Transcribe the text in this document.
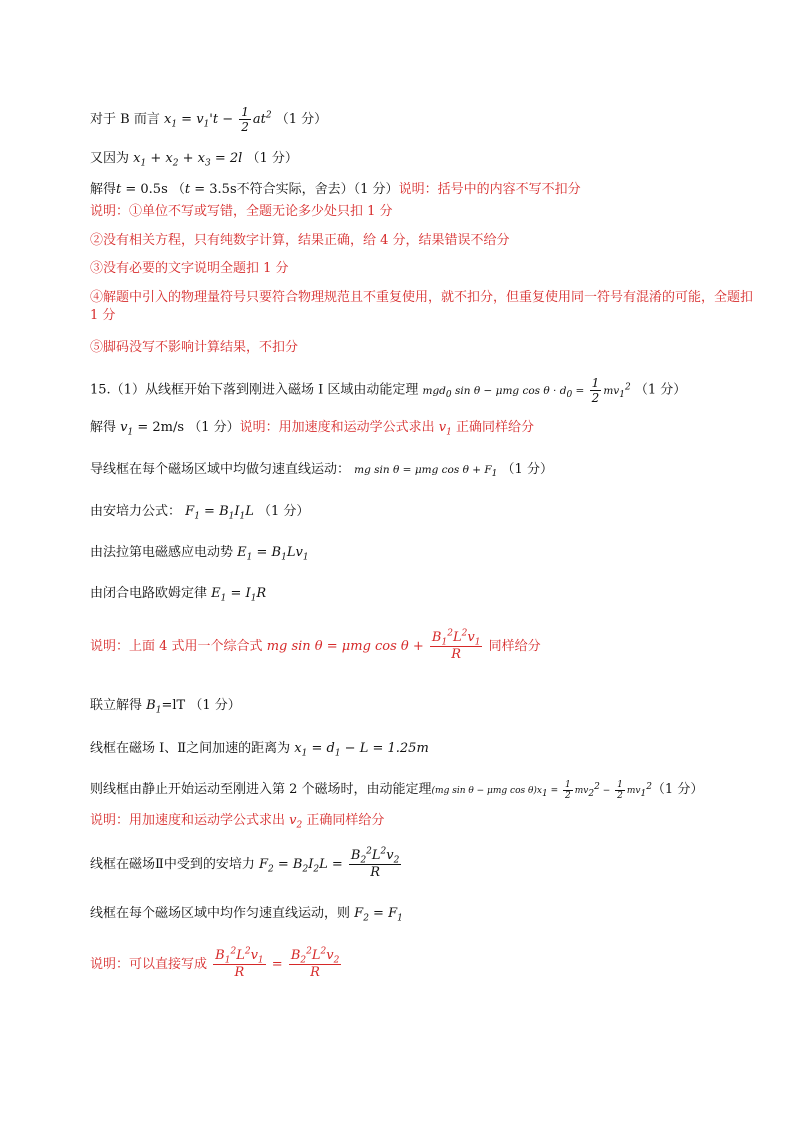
对于 B 而言 $x_1 = v_1't - \frac{1}{2} at^2$ （1 分）
又因为 $x_1 + x_2 + x_3 = 2l$ （1 分）
解得t = 0.5s （t = 3.5s不符合实际，舍去）（1 分）说明：括号中的内容不写不扣分
说明：①单位不写或写错，全题无论多少处只扣 1 分
②没有相关方程，只有纯数字计算，结果正确，给 4 分，结果错误不给分
③没有必要的文字说明全题扣 1 分
④解题中引入的物理量符号只要符合物理规范且不重复使用，就不扣分，但重复使用同一符号有混淆的可能，全题扣 1 分
⑤脚码没写不影响计算结果，不扣分
15.（1）从线框开始下落到刚进入磁场 I 区域由动能定理 mgd$_0$ sin θ − μmg $\cos \theta \cdot d_0 = \frac{1}{2} mv_1^2$ （1 分）
解得 $v_1 = 2m/s$ （1 分）说明：用加速度和运动学公式求出 $v_1$ 正确同样给分
导线框在每个磁场区域中均做匀速直线运动： mg sin θ = μmg $\cos \theta + F_1$ （1 分）
由安培力公式： $F_1 = B_1I_1L$ （1 分）
由法拉第电磁感应电动势 $E_1 = B_1Lv_1$
由闭合电路欧姆定律 $E_1 = I_1R$
说明：上面 4 式用一个综合式 mg sin θ = μmg $\cos \theta + \frac{B_1^2L^2v_1}{R}$ 同样给分
联立解得 $B_1=lT$ （1 分）
线框在磁场 I、Ⅱ之间加速的距离为 $x_1 = d_1 - L = 1.25m$
则线框由静止开始运动至刚进入第 2 个磁场时，由动能定理(mg sin θ − μmg $\cos \theta)x_1 = \frac{1}{2} mv_2^2 - \frac{1}{2} mv_1^2(1$ 分）
说明：用加速度和运动学公式求出 $v_2$ 正确同样给分
线框在磁场Ⅱ中受到的安培力 $F_2 = B_2I_2L = \frac{B_2^2L^2v_2}{R}$
线框在每个磁场区域中均作匀速直线运动，则 $F_2 = F_1$
说明：可以直接写成 $\frac{B_1^2L^2v_1}{R} = \frac{B_2^2L^2v_2}{R}$
